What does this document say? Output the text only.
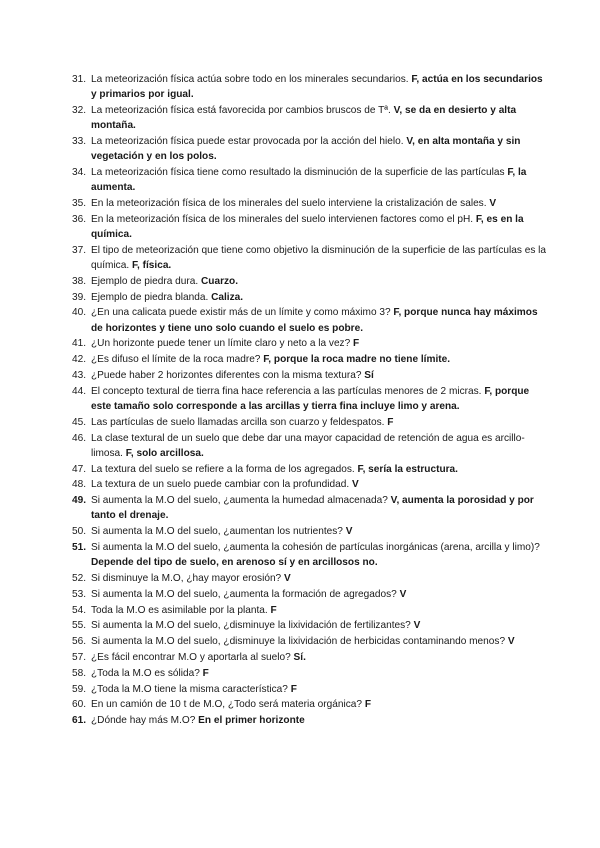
31. La meteorización física actúa sobre todo en los minerales secundarios. F, actúa en los secundarios y primarios por igual.
32. La meteorización física está favorecida por cambios bruscos de Tª. V, se da en desierto y alta montaña.
33. La meteorización física puede estar provocada por la acción del hielo. V, en alta montaña y sin vegetación y en los polos.
34. La meteorización física tiene como resultado la disminución de la superficie de las partículas F, la aumenta.
35. En la meteorización física de los minerales del suelo interviene la cristalización de sales. V
36. En la meteorización física de los minerales del suelo intervienen factores como el pH. F, es en la química.
37. El tipo de meteorización que tiene como objetivo la disminución de la superficie de las partículas es la química. F, física.
38. Ejemplo de piedra dura. Cuarzo.
39. Ejemplo de piedra blanda. Caliza.
40. ¿En una calicata puede existir más de un límite y como máximo 3? F, porque nunca hay máximos de horizontes y tiene uno solo cuando el suelo es pobre.
41. ¿Un horizonte puede tener un límite claro y neto a la vez? F
42. ¿Es difuso el límite de la roca madre? F, porque la roca madre no tiene límite.
43. ¿Puede haber 2 horizontes diferentes con la misma textura? Sí
44. El concepto textural de tierra fina hace referencia a las partículas menores de 2 micras. F, porque este tamaño solo corresponde a las arcillas y tierra fina incluye limo y arena.
45. Las partículas de suelo llamadas arcilla son cuarzo y feldespatos. F
46. La clase textural de un suelo que debe dar una mayor capacidad de retención de agua es arcillo-limosa. F, solo arcillosa.
47. La textura del suelo se refiere a la forma de los agregados. F, sería la estructura.
48. La textura de un suelo puede cambiar con la profundidad. V
49. Si aumenta la M.O del suelo, ¿aumenta la humedad almacenada? V, aumenta la porosidad y por tanto el drenaje.
50. Si aumenta la M.O del suelo, ¿aumentan los nutrientes? V
51. Si aumenta la M.O del suelo, ¿aumenta la cohesión de partículas inorgánicas (arena, arcilla y limo)? Depende del tipo de suelo, en arenoso sí y en arcillosos no.
52. Si disminuye la M.O, ¿hay mayor erosión? V
53. Si aumenta la M.O del suelo, ¿aumenta la formación de agregados? V
54. Toda la M.O es asimilable por la planta. F
55. Si aumenta la M.O del suelo, ¿disminuye la lixividación de fertilizantes? V
56. Si aumenta la M.O del suelo, ¿disminuye la lixividación de herbicidas contaminando menos? V
57. ¿Es fácil encontrar M.O y aportarla al suelo? Sí.
58. ¿Toda la M.O es sólida? F
59. ¿Toda la M.O tiene la misma característica? F
60. En un camión de 10 t de M.O, ¿Todo será materia orgánica? F
61. ¿Dónde hay más M.O? En el primer horizonte
